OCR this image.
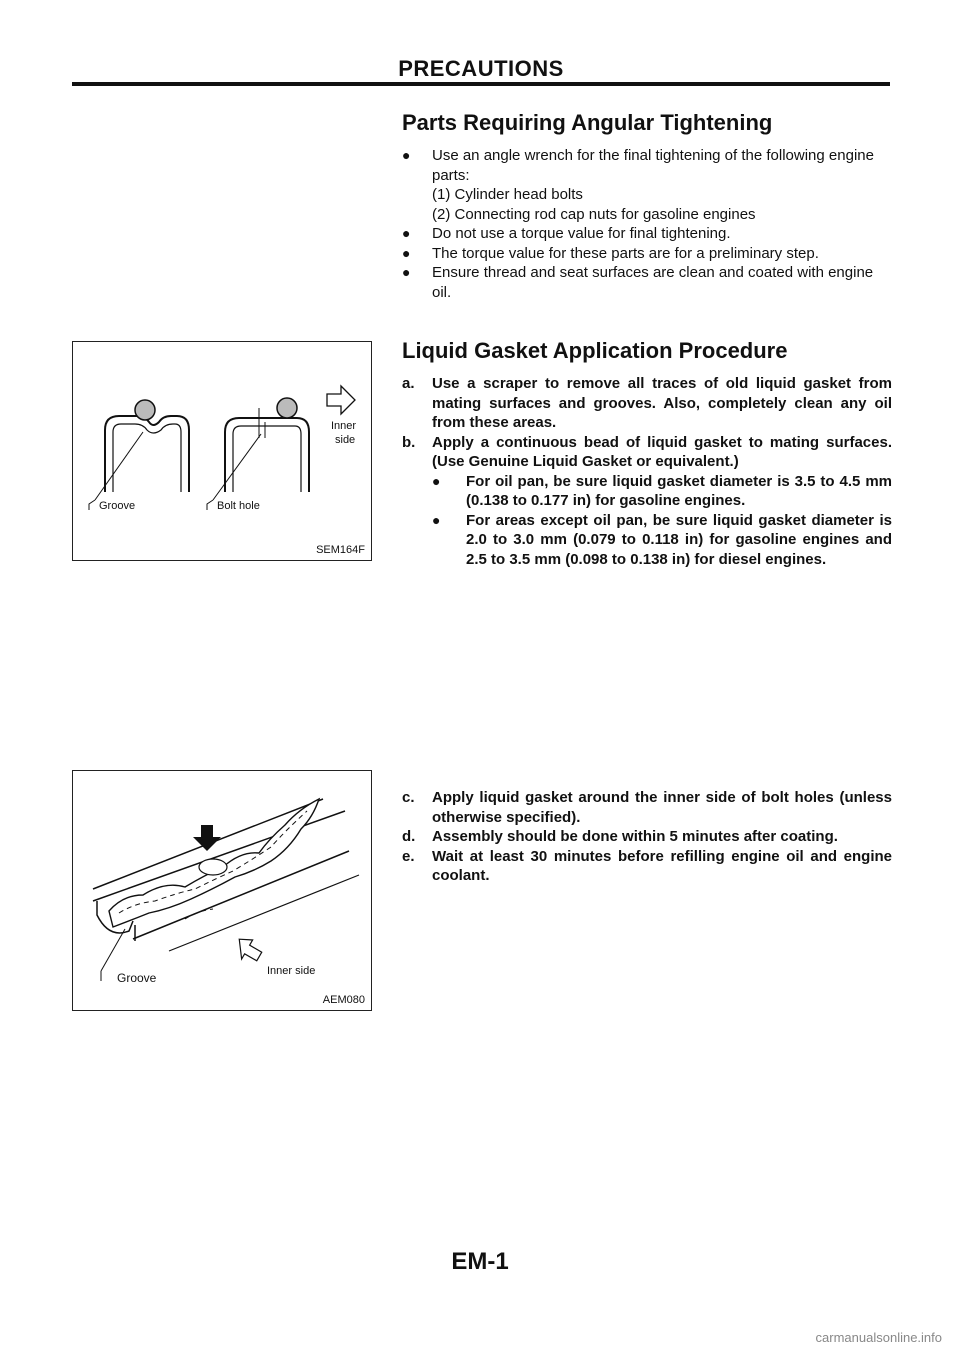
PRECAUTIONS
Parts Requiring Angular Tightening
● Use an angle wrench for the final tightening of the following engine parts:
(1) Cylinder head bolts
(2) Connecting rod cap nuts for gasoline engines
● Do not use a torque value for final tightening.
● The torque value for these parts are for a preliminary step.
● Ensure thread and seat surfaces are clean and coated with engine oil.
Groove	Bolt hole
Inner
side
SEM164F
Liquid Gasket Application Procedure
a. Use a scraper to remove all traces of old liquid gasket from mating surfaces and grooves. Also, completely clean any oil from these areas.
b. Apply a continuous bead of liquid gasket to mating surfaces. (Use Genuine Liquid Gasket or equivalent.)
● For oil pan, be sure liquid gasket diameter is 3.5 to 4.5 mm (0.138 to 0.177 in) for gasoline engines.
● For areas except oil pan, be sure liquid gasket diameter is 2.0 to 3.0 mm (0.079 to 0.118 in) for gasoline engines and 2.5 to 3.5 mm (0.098 to 0.138 in) for diesel engines.
c. Apply liquid gasket around the inner side of bolt holes (unless otherwise specified).
d. Assembly should be done within 5 minutes after coating.
e. Wait at least 30 minutes before refilling engine oil and engine coolant.
Groove	Inner side
AEM080
EM-1
carmanualsonline.info
